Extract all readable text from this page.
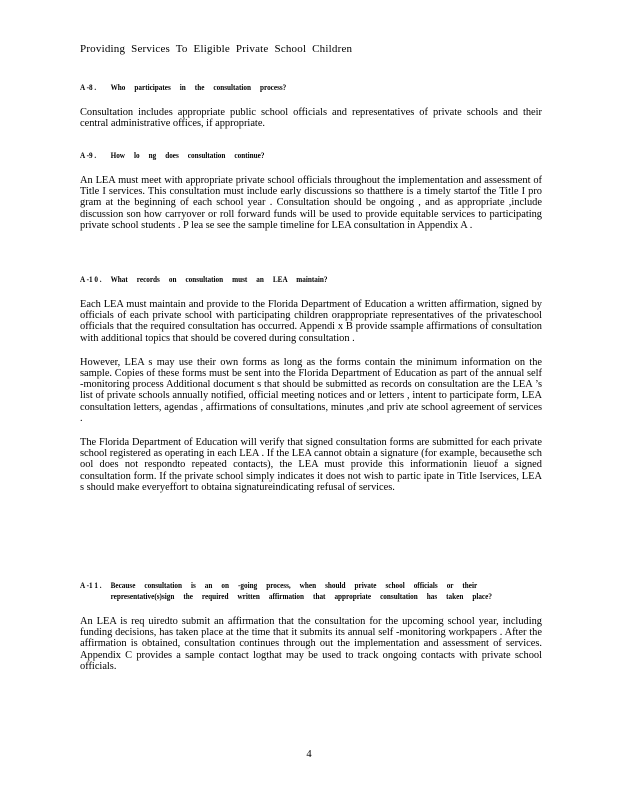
Providing Services To Eligible Private School Children
A -8 .	Who participates in the consultation process?

Consultation includes appropriate public school officials and representatives of private schools and their central administrative offices, if appropriate.

A -9 .	How lo ng does consultation continue?

An LEA must meet with appropriate private school officials throughout the implementation and assessment of Title I services. This consultation must include early discussions so thatthere is a timely startof the Title I pro gram at the beginning of each school year . Consultation should be ongoing , and as appropriate ,include discussion son how carryover or roll forward funds will be used to provide equitable services to participating private school students . P lea se see the sample timeline for LEA consultation in Appendix A .

A -1 0 .	What records on consultation must an LEA maintain?

Each LEA must maintain and provide to the Florida Department of Education a written affirmation, signed by officials of each private school with participating children orappropriate representatives of the privateschool officials that the required consultation has occurred. Appendi x B provide ssample affirmations of consultation with additional topics that should be covered during consultation .

However, LEA s may use their own forms as long as the forms contain the minimum information on the sample. Copies of these forms must be sent into the Florida Department of Education as part of the annual self -monitoring process Additional document s that should be submitted as records on consultation are the LEA ’s list of private schools annually notified, official meeting notices and or letters , intent to participate form, LEA consultation letters, agendas , affirmations of consultations, minutes ,and priv ate school agreement of services .

The Florida Department of Education will verify that signed consultation forms are submitted for each private school registered as operating in each LEA . If the LEA cannot obtain a signature (for example, becausethe sch ool does not respondto repeated contacts), the LEA must provide this informationin lieuof a signed consultation form. If the private school simply indicates it does not wish to partic ipate in Title Iservices, LEA s should make everyeffort to obtaina signatureindicating refusal of services.

A -1 1 .	Because consultation is an on -going process, when should private school officials or their representative(s)sign the required written affirmation that appropriate consultation has taken place?

An LEA is req uiredto submit an affirmation that the consultation for the upcoming school year, including funding decisions, has taken place at the time that it submits its annual self -monitoring workpapers . After the affirmation is obtained, consultation continues through out the implementation and assessment of services. Appendix C provides a sample contact logthat may be used to track ongoing contacts with private school officials.

4
